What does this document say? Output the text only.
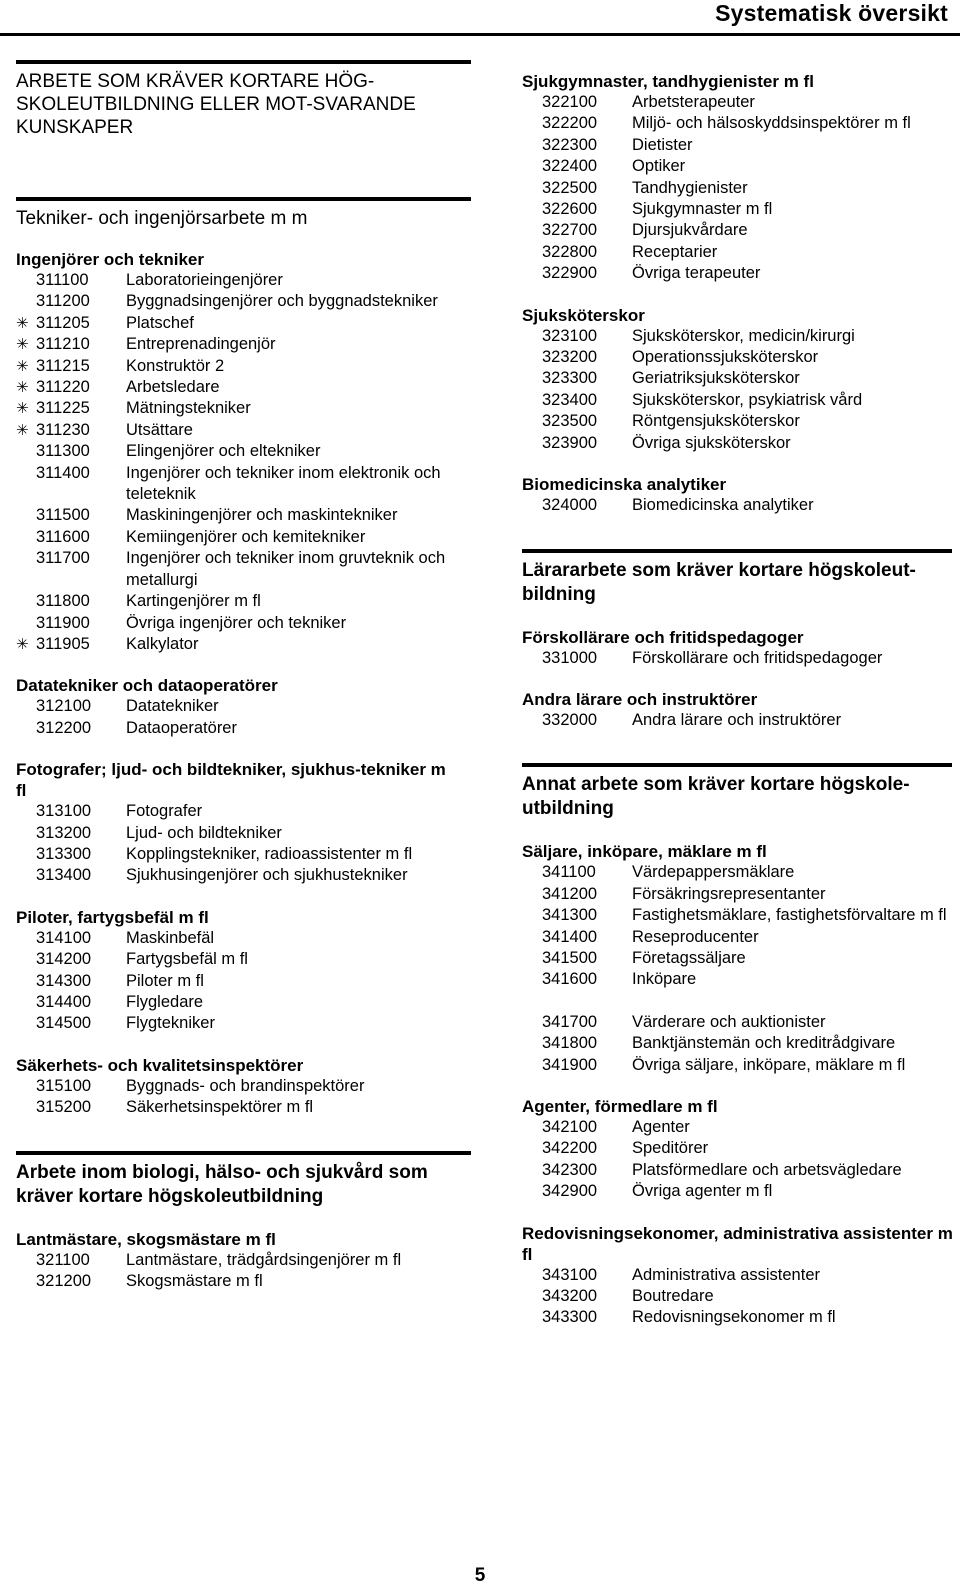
Systematisk översikt
ARBETE SOM KRÄVER KORTARE HÖG-SKOLEUTBILDNING ELLER MOT-SVARANDE KUNSKAPER
Tekniker- och ingenjörsarbete m m
Ingenjörer och tekniker
311100	Laboratorieingenjörer
311200	Byggnadsingenjörer och byggnadstekniker
✳ 311205	Platschef
✳ 311210	Entreprenadingenjör
✳ 311215	Konstruktör 2
✳ 311220	Arbetsledare
✳ 311225	Mätningstekniker
✳ 311230	Utsättare
311300	Elingenjörer och eltekniker
311400	Ingenjörer och tekniker inom elektronik och teleteknik
311500	Maskiningenjörer och maskintekniker
311600	Kemiingenjörer och kemitekniker
311700	Ingenjörer och tekniker inom gruvteknik och metallurgi
311800	Kartingenjörer m fl
311900	Övriga ingenjörer och tekniker
✳ 311905	Kalkylator
Datatekniker och dataoperatörer
312100	Datatekniker
312200	Dataoperatörer
Fotografer; ljud- och bildtekniker, sjukhus-tekniker m fl
313100	Fotografer
313200	Ljud- och bildtekniker
313300	Kopplingstekniker, radioassistenter m fl
313400	Sjukhusingenjörer och sjukhustekniker
Piloter, fartygsbefäl m fl
314100	Maskinbefäl
314200	Fartygsbefäl m fl
314300	Piloter m fl
314400	Flygledare
314500	Flygtekniker
Säkerhets- och kvalitetsinspektörer
315100	Byggnads- och brandinspektörer
315200	Säkerhetsinspektörer m fl
Arbete inom biologi, hälso- och sjukvård som kräver kortare högskoleutbildning
Lantmästare, skogsmästare m fl
321100	Lantmästare, trädgårdsingenjörer m fl
321200	Skogsmästare m fl
Sjukgymnaster, tandhygienister m fl
322100	Arbetsterapeuter
322200	Miljö- och hälsoskyddsinspektörer m fl
322300	Dietister
322400	Optiker
322500	Tandhygienister
322600	Sjukgymnaster m fl
322700	Djursjukvårdare
322800	Receptarier
322900	Övriga terapeuter
Sjuksköterskor
323100	Sjuksköterskor, medicin/kirurgi
323200	Operationssjuksköterskor
323300	Geriatriksjuksköterskor
323400	Sjuksköterskor, psykiatrisk vård
323500	Röntgensjuksköterskor
323900	Övriga sjuksköterskor
Biomedicinska analytiker
324000	Biomedicinska analytiker
Lärararbete som kräver kortare högskoleut-bildning
Förskollärare och fritidspedagoger
331000	Förskollärare och fritidspedagoger
Andra lärare och instruktörer
332000	Andra lärare och instruktörer
Annat arbete som kräver kortare högskole-utbildning
Säljare, inköpare, mäklare m fl
341100	Värdepappersmäklare
341200	Försäkringsrepresentanter
341300	Fastighetsmäklare, fastighetsförvaltare m fl
341400	Reseproducenter
341500	Företagssäljare
341600	Inköpare
341700	Värderare och auktionister
341800	Banktjänstemän och kreditrådgivare
341900	Övriga säljare, inköpare, mäklare m fl
Agenter, förmedlare m fl
342100	Agenter
342200	Speditörer
342300	Platsförmedlare och arbetsvägledare
342900	Övriga agenter m fl
Redovisningsekonomer, administrativa assistenter m fl
343100	Administrativa assistenter
343200	Boutredare
343300	Redovisningsekonomer m fl
5
